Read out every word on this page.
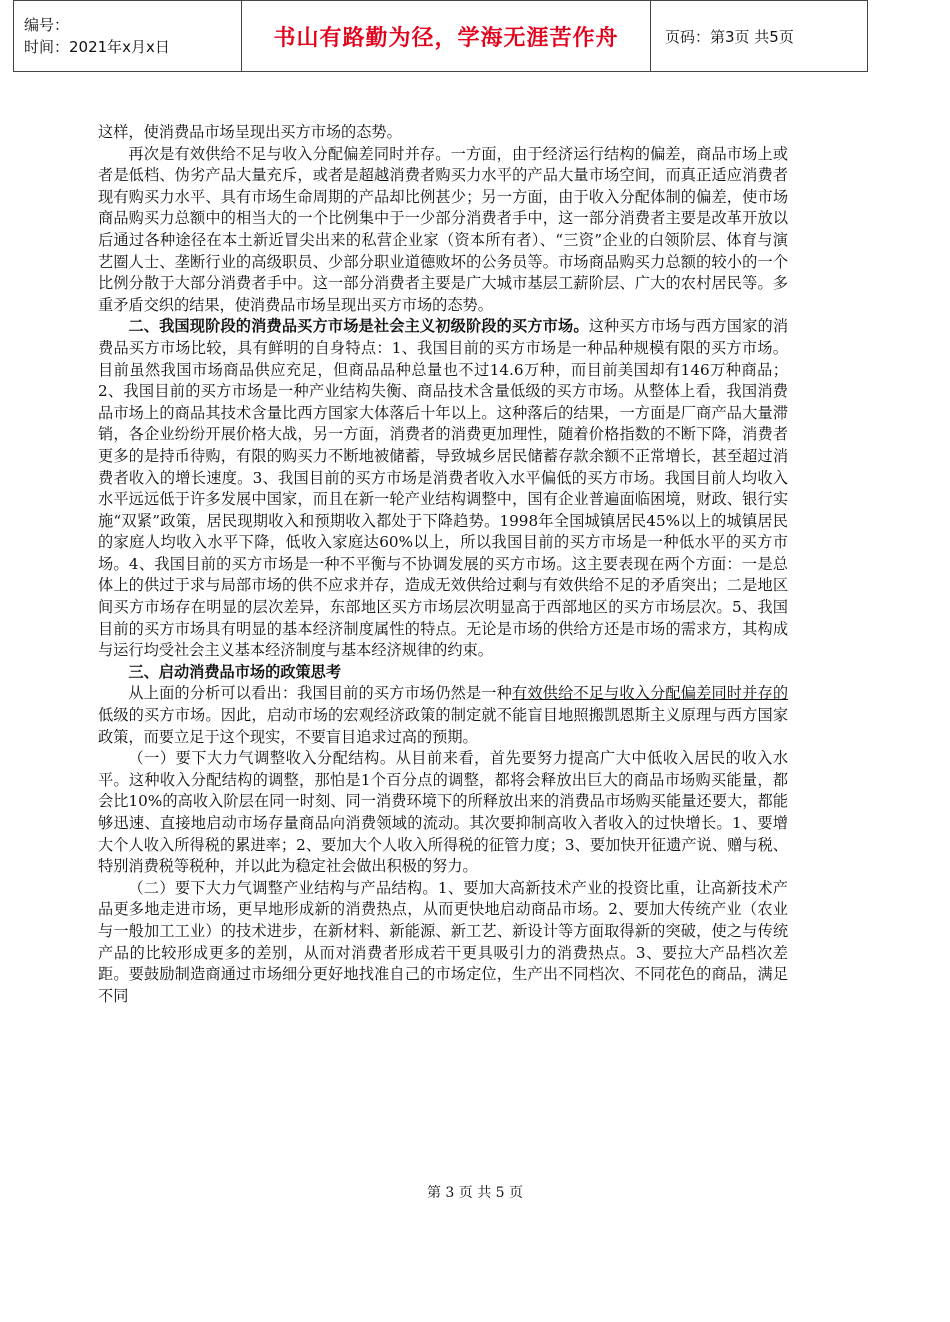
编号：
时间：2021年x月x日	书山有路勤为径，学海无涯苦作舟	页码：第3页 共5页

这样，使消费品市场呈现出买方市场的态势。

再次是有效供给不足与收入分配偏差同时并存。一方面，由于经济运行结构的偏差，商品市场上或者是低档、伪劣产品大量充斥，或者是超越消费者购买力水平的产品大量市场空间，而真正适应消费者现有购买力水平、具有市场生命周期的产品却比例甚少；另一方面，由于收入分配体制的偏差，使市场商品购买力总额中的相当大的一个比例集中于一少部分消费者手中，这一部分消费者主要是改革开放以后通过各种途径在本土新近冒尖出来的私营企业家（资本所有者）、“三资”企业的白领阶层、体育与演艺圈人士、垄断行业的高级职员、少部分职业道德败坏的公务员等。市场商品购买力总额的较小的一个比例分散于大部分消费者手中。这一部分消费者主要是广大城市基层工薪阶层、广大的农村居民等。多重矛盾交织的结果，使消费品市场呈现出买方市场的态势。

二、我国现阶段的消费品买方市场是社会主义初级阶段的买方市场。这种买方市场与西方国家的消费品买方市场比较，具有鲜明的自身特点：1、我国目前的买方市场是一种品种规模有限的买方市场。目前虽然我国市场商品供应充足，但商品品种总量也不过14.6万种，而目前美国却有146万种商品；2、我国目前的买方市场是一种产业结构失衡、商品技术含量低级的买方市场。从整体上看，我国消费品市场上的商品其技术含量比西方国家大体落后十年以上。这种落后的结果，一方面是厂商产品大量滞销，各企业纷纷开展价格大战，另一方面，消费者的消费更加理性，随着价格指数的不断下降，消费者更多的是持币待购，有限的购买力不断地被储蓄，导致城乡居民储蓄存款余额不正常增长，甚至超过消费者收入的增长速度。3、我国目前的买方市场是消费者收入水平偏低的买方市场。我国目前人均收入水平远远低于许多发展中国家，而且在新一轮产业结构调整中，国有企业普遍面临困境，财政、银行实施“双紧”政策，居民现期收入和预期收入都处于下降趋势。1998年全国城镇居民45%以上的城镇居民的家庭人均收入水平下降，低收入家庭达60%以上，所以我国目前的买方市场是一种低水平的买方市场。4、我国目前的买方市场是一种不平衡与不协调发展的买方市场。这主要表现在两个方面：一是总体上的供过于求与局部市场的供不应求并存，造成无效供给过剩与有效供给不足的矛盾突出；二是地区间买方市场存在明显的层次差异，东部地区买方市场层次明显高于西部地区的买方市场层次。5、我国目前的买方市场具有明显的基本经济制度属性的特点。无论是市场的供给方还是市场的需求方，其构成与运行均受社会主义基本经济制度与基本经济规律的约束。

三、启动消费品市场的政策思考

从上面的分析可以看出：我国目前的买方市场仍然是一种有效供给不足与收入分配偏差同时并存的低级的买方市场。因此，启动市场的宏观经济政策的制定就不能盲目地照搬凯恩斯主义原理与西方国家政策，而要立足于这个现实，不要盲目追求过高的预期。

（一）要下大力气调整收入分配结构。从目前来看，首先要努力提高广大中低收入居民的收入水平。这种收入分配结构的调整，那怕是1个百分点的调整，都将会释放出巨大的商品市场购买能量，都会比10%的高收入阶层在同一时刻、同一消费环境下的所释放出来的消费品市场购买能量还要大，都能够迅速、直接地启动市场存量商品向消费领域的流动。其次要抑制高收入者收入的过快增长。1、要增大个人收入所得税的累进率；2、要加大个人收入所得税的征管力度；3、要加快开征遗产说、赠与税、特别消费税等税种，并以此为稳定社会做出积极的努力。

（二）要下大力气调整产业结构与产品结构。1、要加大高新技术产业的投资比重，让高新技术产品更多地走进市场，更早地形成新的消费热点，从而更快地启动商品市场。2、要加大传统产业（农业与一般加工工业）的技术进步，在新材料、新能源、新工艺、新设计等方面取得新的突破，使之与传统产品的比较形成更多的差别，从而对消费者形成若干更具吸引力的消费热点。3、要拉大产品档次差距。要鼓励制造商通过市场细分更好地找准自己的市场定位，生产出不同档次、不同花色的商品，满足不同

第 3 页 共 5 页
